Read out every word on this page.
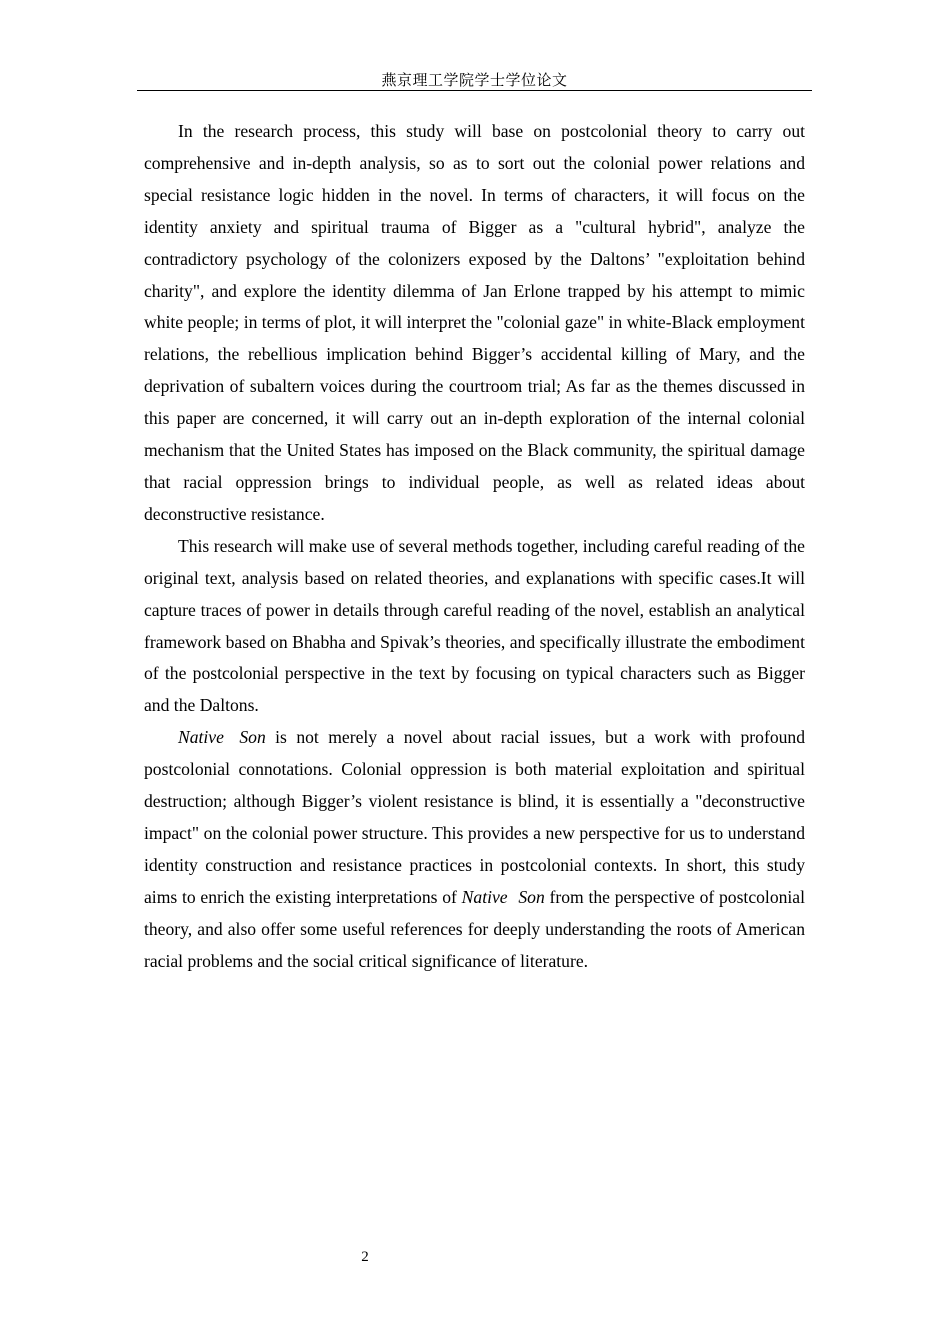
燕京理工学院学士学位论文

In the research process, this study will base on postcolonial theory to carry out comprehensive and in-depth analysis, so as to sort out the colonial power relations and special resistance logic hidden in the novel. In terms of characters, it will focus on the identity anxiety and spiritual trauma of Bigger as a "cultural hybrid", analyze the contradictory psychology of the colonizers exposed by the Daltons’ "exploitation behind charity", and explore the identity dilemma of Jan Erlone trapped by his attempt to mimic white people; in terms of plot, it will interpret the "colonial gaze" in white-Black employment relations, the rebellious implication behind Bigger’s accidental killing of Mary, and the deprivation of subaltern voices during the courtroom trial; As far as the themes discussed in this paper are concerned, it will carry out an in-depth exploration of the internal colonial mechanism that the United States has imposed on the Black community, the spiritual damage that racial oppression brings to individual people, as well as related ideas about deconstructive resistance.

This research will make use of several methods together, including careful reading of the original text, analysis based on related theories, and explanations with specific cases.It will capture traces of power in details through careful reading of the novel, establish an analytical framework based on Bhabha and Spivak’s theories, and specifically illustrate the embodiment of the postcolonial perspective in the text by focusing on typical characters such as Bigger and the Daltons.

Native Son is not merely a novel about racial issues, but a work with profound postcolonial connotations. Colonial oppression is both material exploitation and spiritual destruction; although Bigger’s violent resistance is blind, it is essentially a "deconstructive impact" on the colonial power structure. This provides a new perspective for us to understand identity construction and resistance practices in postcolonial contexts. In short, this study aims to enrich the existing interpretations of Native Son from the perspective of postcolonial theory, and also offer some useful references for deeply understanding the roots of American racial problems and the social critical significance of literature.

2
